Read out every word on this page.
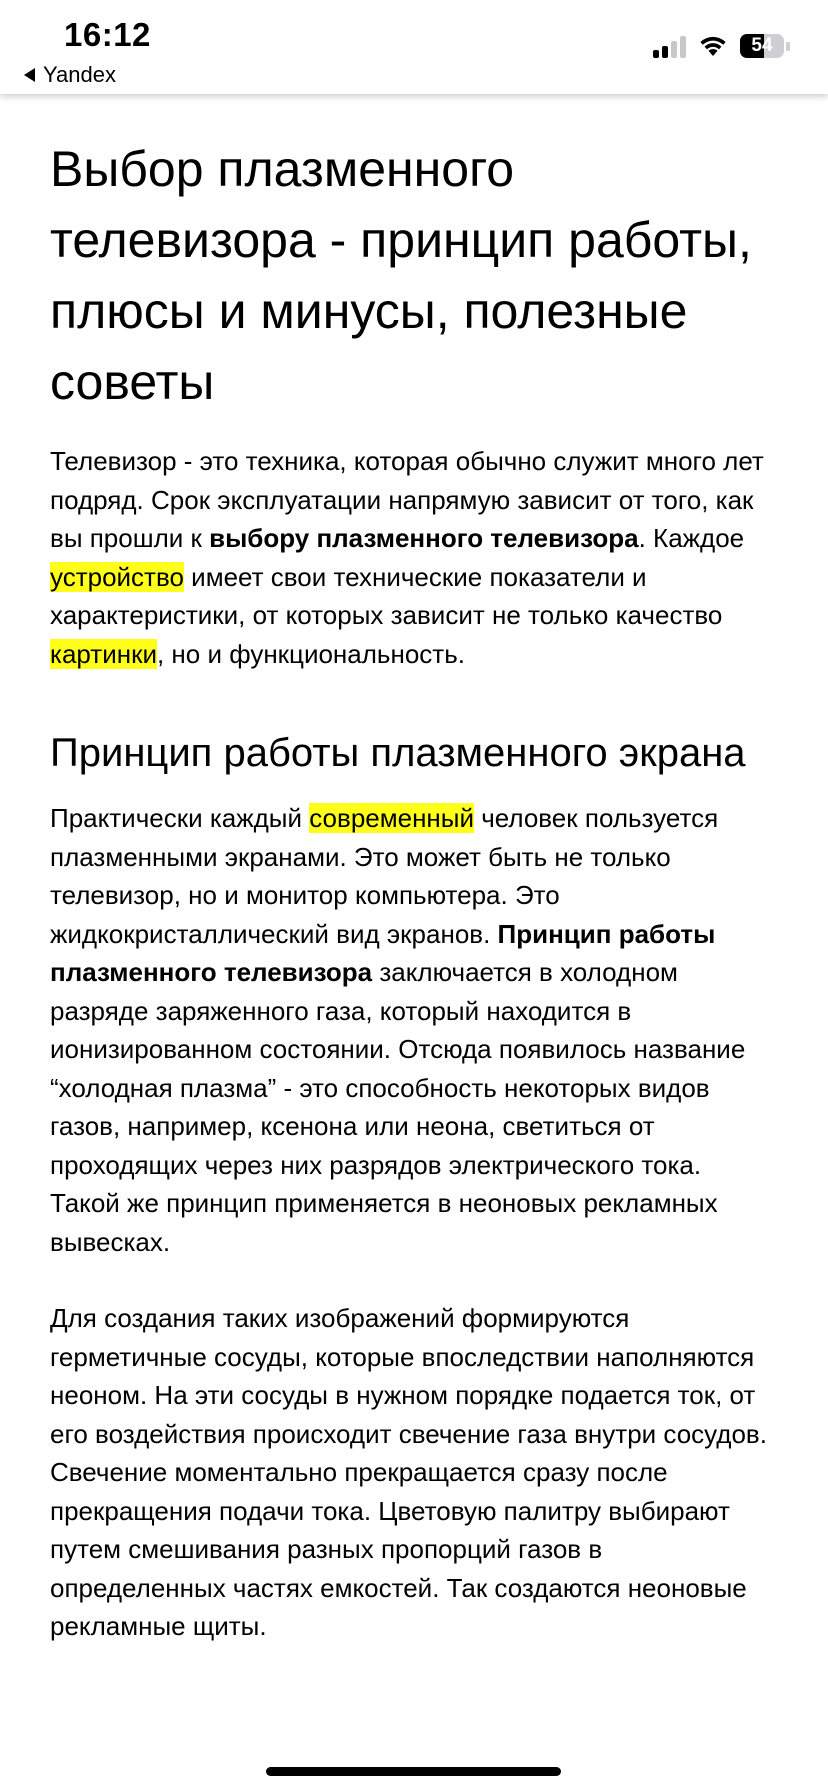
16:12
Yandex
54
Выбор плазменного телевизора - принцип работы, плюсы и минусы, полезные советы

Телевизор - это техника, которая обычно служит много лет подряд. Срок эксплуатации напрямую зависит от того, как вы прошли к выбору плазменного телевизора. Каждое устройство имеет свои технические показатели и характеристики, от которых зависит не только качество картинки, но и функциональность.

Принцип работы плазменного экрана

Практически каждый современный человек пользуется плазменными экранами. Это может быть не только телевизор, но и монитор компьютера. Это жидкокристаллический вид экранов. Принцип работы плазменного телевизора заключается в холодном разряде заряженного газа, который находится в ионизированном состоянии. Отсюда появилось название “холодная плазма” - это способность некоторых видов газов, например, ксенона или неона, светиться от проходящих через них разрядов электрического тока. Такой же принцип применяется в неоновых рекламных вывесках.

Для создания таких изображений формируются герметичные сосуды, которые впоследствии наполняются неоном. На эти сосуды в нужном порядке подается ток, от его воздействия происходит свечение газа внутри сосудов. Свечение моментально прекращается сразу после прекращения подачи тока. Цветовую палитру выбирают путем смешивания разных пропорций газов в определенных частях емкостей. Так создаются неоновые рекламные щиты.
